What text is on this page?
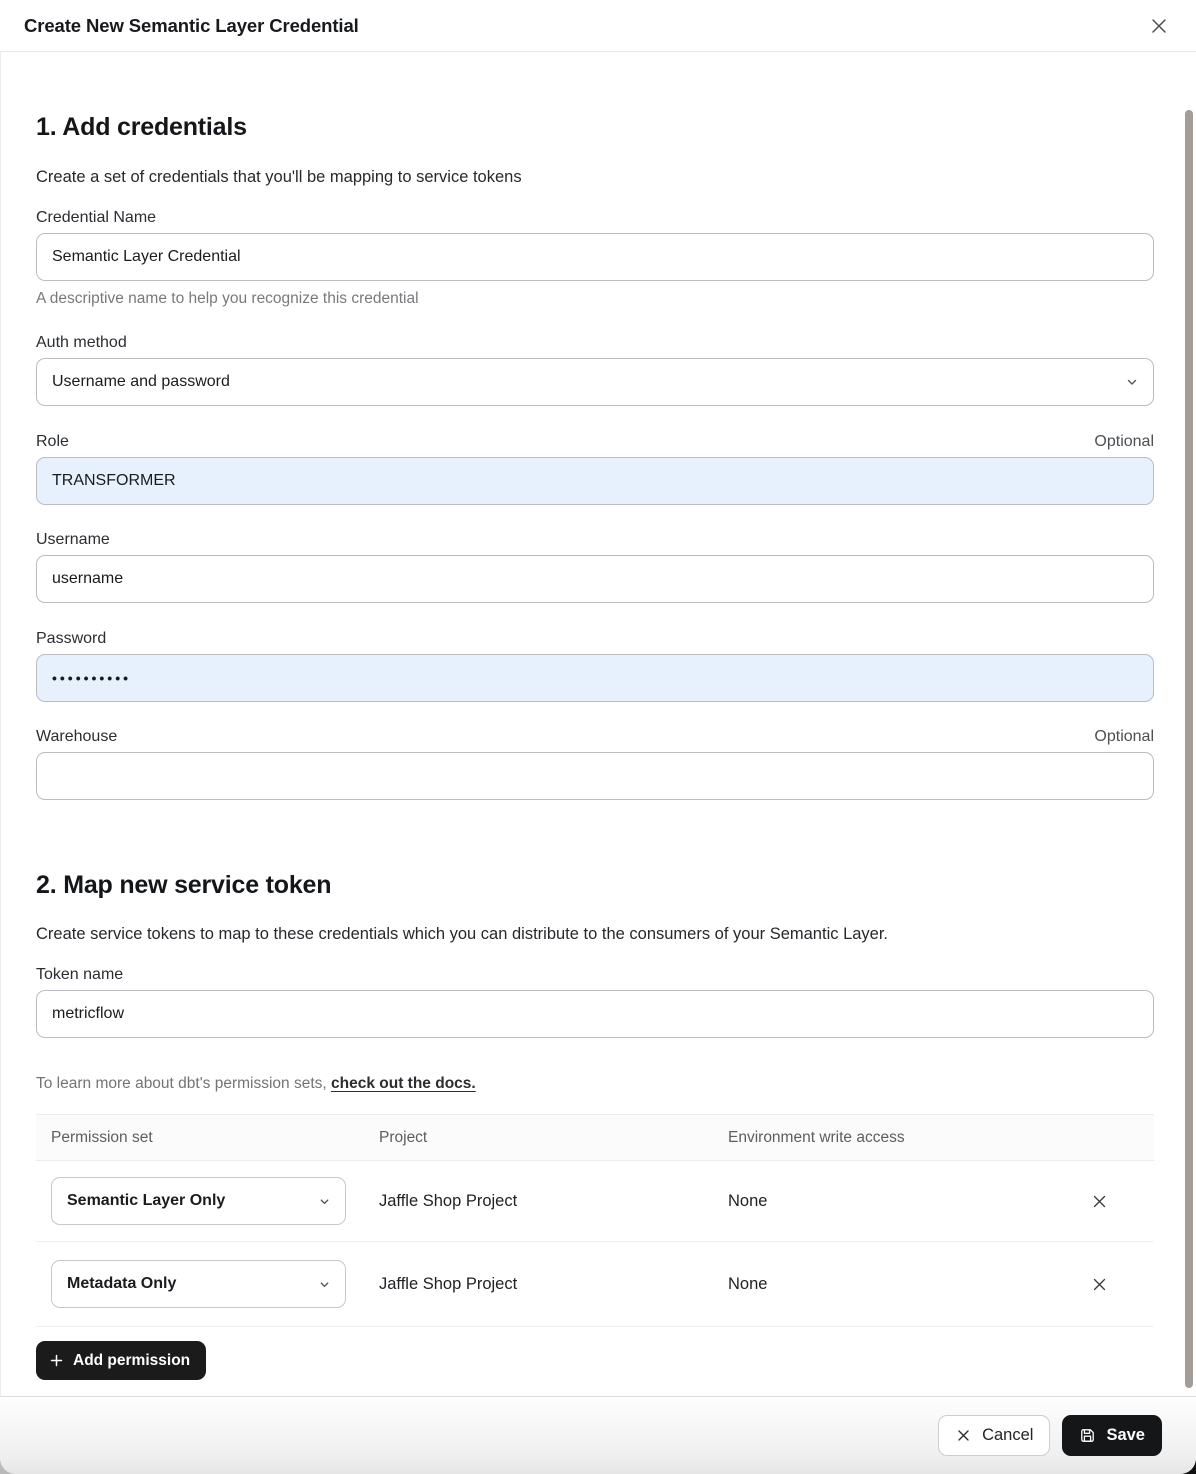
Create New Semantic Layer Credential
1. Add credentials
Create a set of credentials that you'll be mapping to service tokens
Credential Name
Semantic Layer Credential
A descriptive name to help you recognize this credential
Auth method
Username and password
Role	Optional
TRANSFORMER
Username
username
Password
••••••••••
Warehouse	Optional
2. Map new service token
Create service tokens to map to these credentials which you can distribute to the consumers of your Semantic Layer.
Token name
metricflow
To learn more about dbt's permission sets, check out the docs.
Permission set	Project	Environment write access
Semantic Layer Only	Jaffle Shop Project	None
Metadata Only	Jaffle Shop Project	None
Add permission
Cancel	Save
